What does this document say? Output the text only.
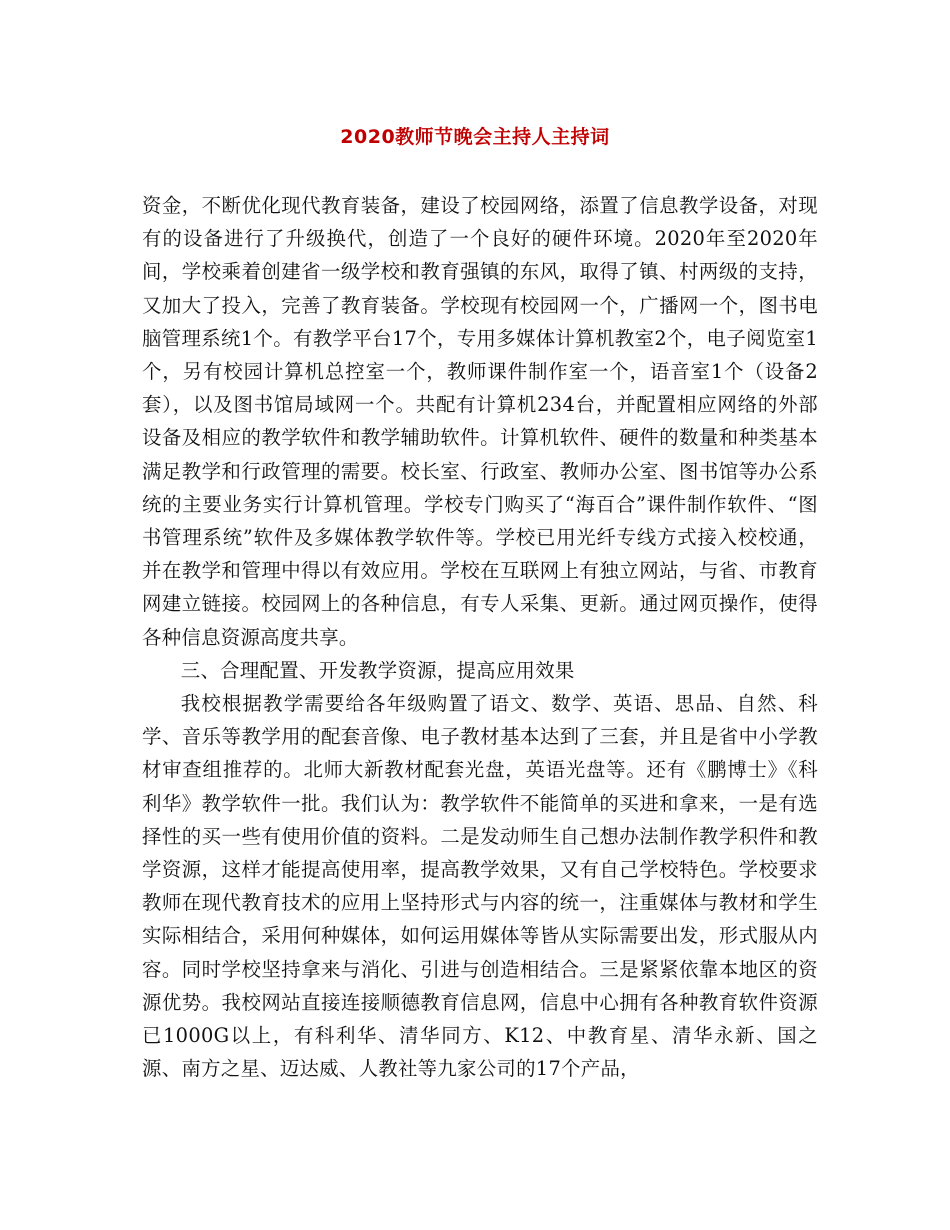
2020教师节晚会主持人主持词

资金，不断优化现代教育装备，建设了校园网络，添置了信息教学设备，对现有的设备进行了升级换代，创造了一个良好的硬件环境。2020年至2020年间，学校乘着创建省一级学校和教育强镇的东风，取得了镇、村两级的支持，又加大了投入，完善了教育装备。学校现有校园网一个，广播网一个，图书电脑管理系统1个。有教学平台17个，专用多媒体计算机教室2个，电子阅览室1个，另有校园计算机总控室一个，教师课件制作室一个，语音室1个（设备2套），以及图书馆局域网一个。共配有计算机234台，并配置相应网络的外部设备及相应的教学软件和教学辅助软件。计算机软件、硬件的数量和种类基本满足教学和行政管理的需要。校长室、行政室、教师办公室、图书馆等办公系统的主要业务实行计算机管理。学校专门购买了“海百合”课件制作软件、“图书管理系统”软件及多媒体教学软件等。学校已用光纤专线方式接入校校通，并在教学和管理中得以有效应用。学校在互联网上有独立网站，与省、市教育网建立链接。校园网上的各种信息，有专人采集、更新。通过网页操作，使得各种信息资源高度共享。

三、合理配置、开发教学资源，提高应用效果

我校根据教学需要给各年级购置了语文、数学、英语、思品、自然、科学、音乐等教学用的配套音像、电子教材基本达到了三套，并且是省中小学教材审查组推荐的。北师大新教材配套光盘，英语光盘等。还有《鹏博士》《科利华》教学软件一批。我们认为：教学软件不能简单的买进和拿来，一是有选择性的买一些有使用价值的资料。二是发动师生自己想办法制作教学积件和教学资源，这样才能提高使用率，提高教学效果，又有自己学校特色。学校要求教师在现代教育技术的应用上坚持形式与内容的统一，注重媒体与教材和学生实际相结合，采用何种媒体，如何运用媒体等皆从实际需要出发，形式服从内容。同时学校坚持拿来与消化、引进与创造相结合。三是紧紧依靠本地区的资源优势。我校网站直接连接顺德教育信息网，信息中心拥有各种教育软件资源已1000G以上，有科利华、清华同方、K12、中教育星、清华永新、国之源、南方之星、迈达威、人教社等九家公司的17个产品，
